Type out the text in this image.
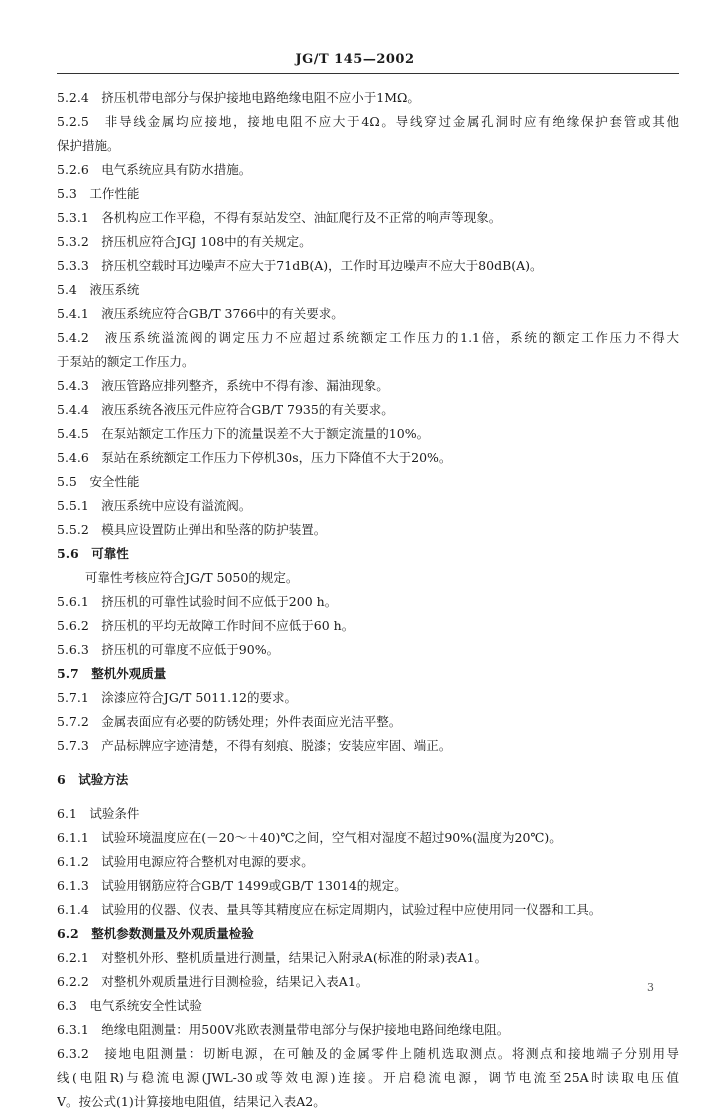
JG/T 145—2002
5.2.4　挤压机带电部分与保护接地电路绝缘电阻不应小于1MΩ。
5.2.5　非导线金属均应接地，接地电阻不应大于4Ω。导线穿过金属孔洞时应有绝缘保护套管或其他
保护措施。
5.2.6　电气系统应具有防水措施。
5.3　工作性能
5.3.1　各机构应工作平稳，不得有泵站发空、油缸爬行及不正常的响声等现象。
5.3.2　挤压机应符合JGJ 108中的有关规定。
5.3.3　挤压机空载时耳边噪声不应大于71dB(A)，工作时耳边噪声不应大于80dB(A)。
5.4　液压系统
5.4.1　液压系统应符合GB/T 3766中的有关要求。
5.4.2　液压系统溢流阀的调定压力不应超过系统额定工作压力的1.1倍，系统的额定工作压力不得大
于泵站的额定工作压力。
5.4.3　液压管路应排列整齐，系统中不得有渗、漏油现象。
5.4.4　液压系统各液压元件应符合GB/T 7935的有关要求。
5.4.5　在泵站额定工作压力下的流量误差不大于额定流量的10%。
5.4.6　泵站在系统额定工作压力下停机30s，压力下降值不大于20%。
5.5　安全性能
5.5.1　液压系统中应设有溢流阀。
5.5.2　模具应设置防止弹出和坠落的防护装置。
5.6　可靠性
可靠性考核应符合JG/T 5050的规定。
5.6.1　挤压机的可靠性试验时间不应低于200 h。
5.6.2　挤压机的平均无故障工作时间不应低于60 h。
5.6.3　挤压机的可靠度不应低于90%。
5.7　整机外观质量
5.7.1　涂漆应符合JG/T 5011.12的要求。
5.7.2　金属表面应有必要的防锈处理；外件表面应光洁平整。
5.7.3　产品标牌应字迹清楚，不得有刻痕、脱漆；安装应牢固、端正。
6　试验方法
6.1　试验条件
6.1.1　试验环境温度应在(－20～＋40)℃之间，空气相对湿度不超过90%(温度为20℃)。
6.1.2　试验用电源应符合整机对电源的要求。
6.1.3　试验用钢筋应符合GB/T 1499或GB/T 13014的规定。
6.1.4　试验用的仪器、仪表、量具等其精度应在标定周期内，试验过程中应使用同一仪器和工具。
6.2　整机参数测量及外观质量检验
6.2.1　对整机外形、整机质量进行测量，结果记入附录A(标准的附录)表A1。
6.2.2　对整机外观质量进行目测检验，结果记入表A1。
6.3　电气系统安全性试验
6.3.1　绝缘电阻测量：用500V兆欧表测量带电部分与保护接地电路间绝缘电阻。
6.3.2　接地电阻测量：切断电源，在可触及的金属零件上随机选取测点。将测点和接地端子分别用导
线(电阻R)与稳流电源(JWL-30或等效电源)连接。开启稳流电源，调节电流至25A时读取电压值
V。按公式(1)计算接地电阻值，结果记入表A2。
3
